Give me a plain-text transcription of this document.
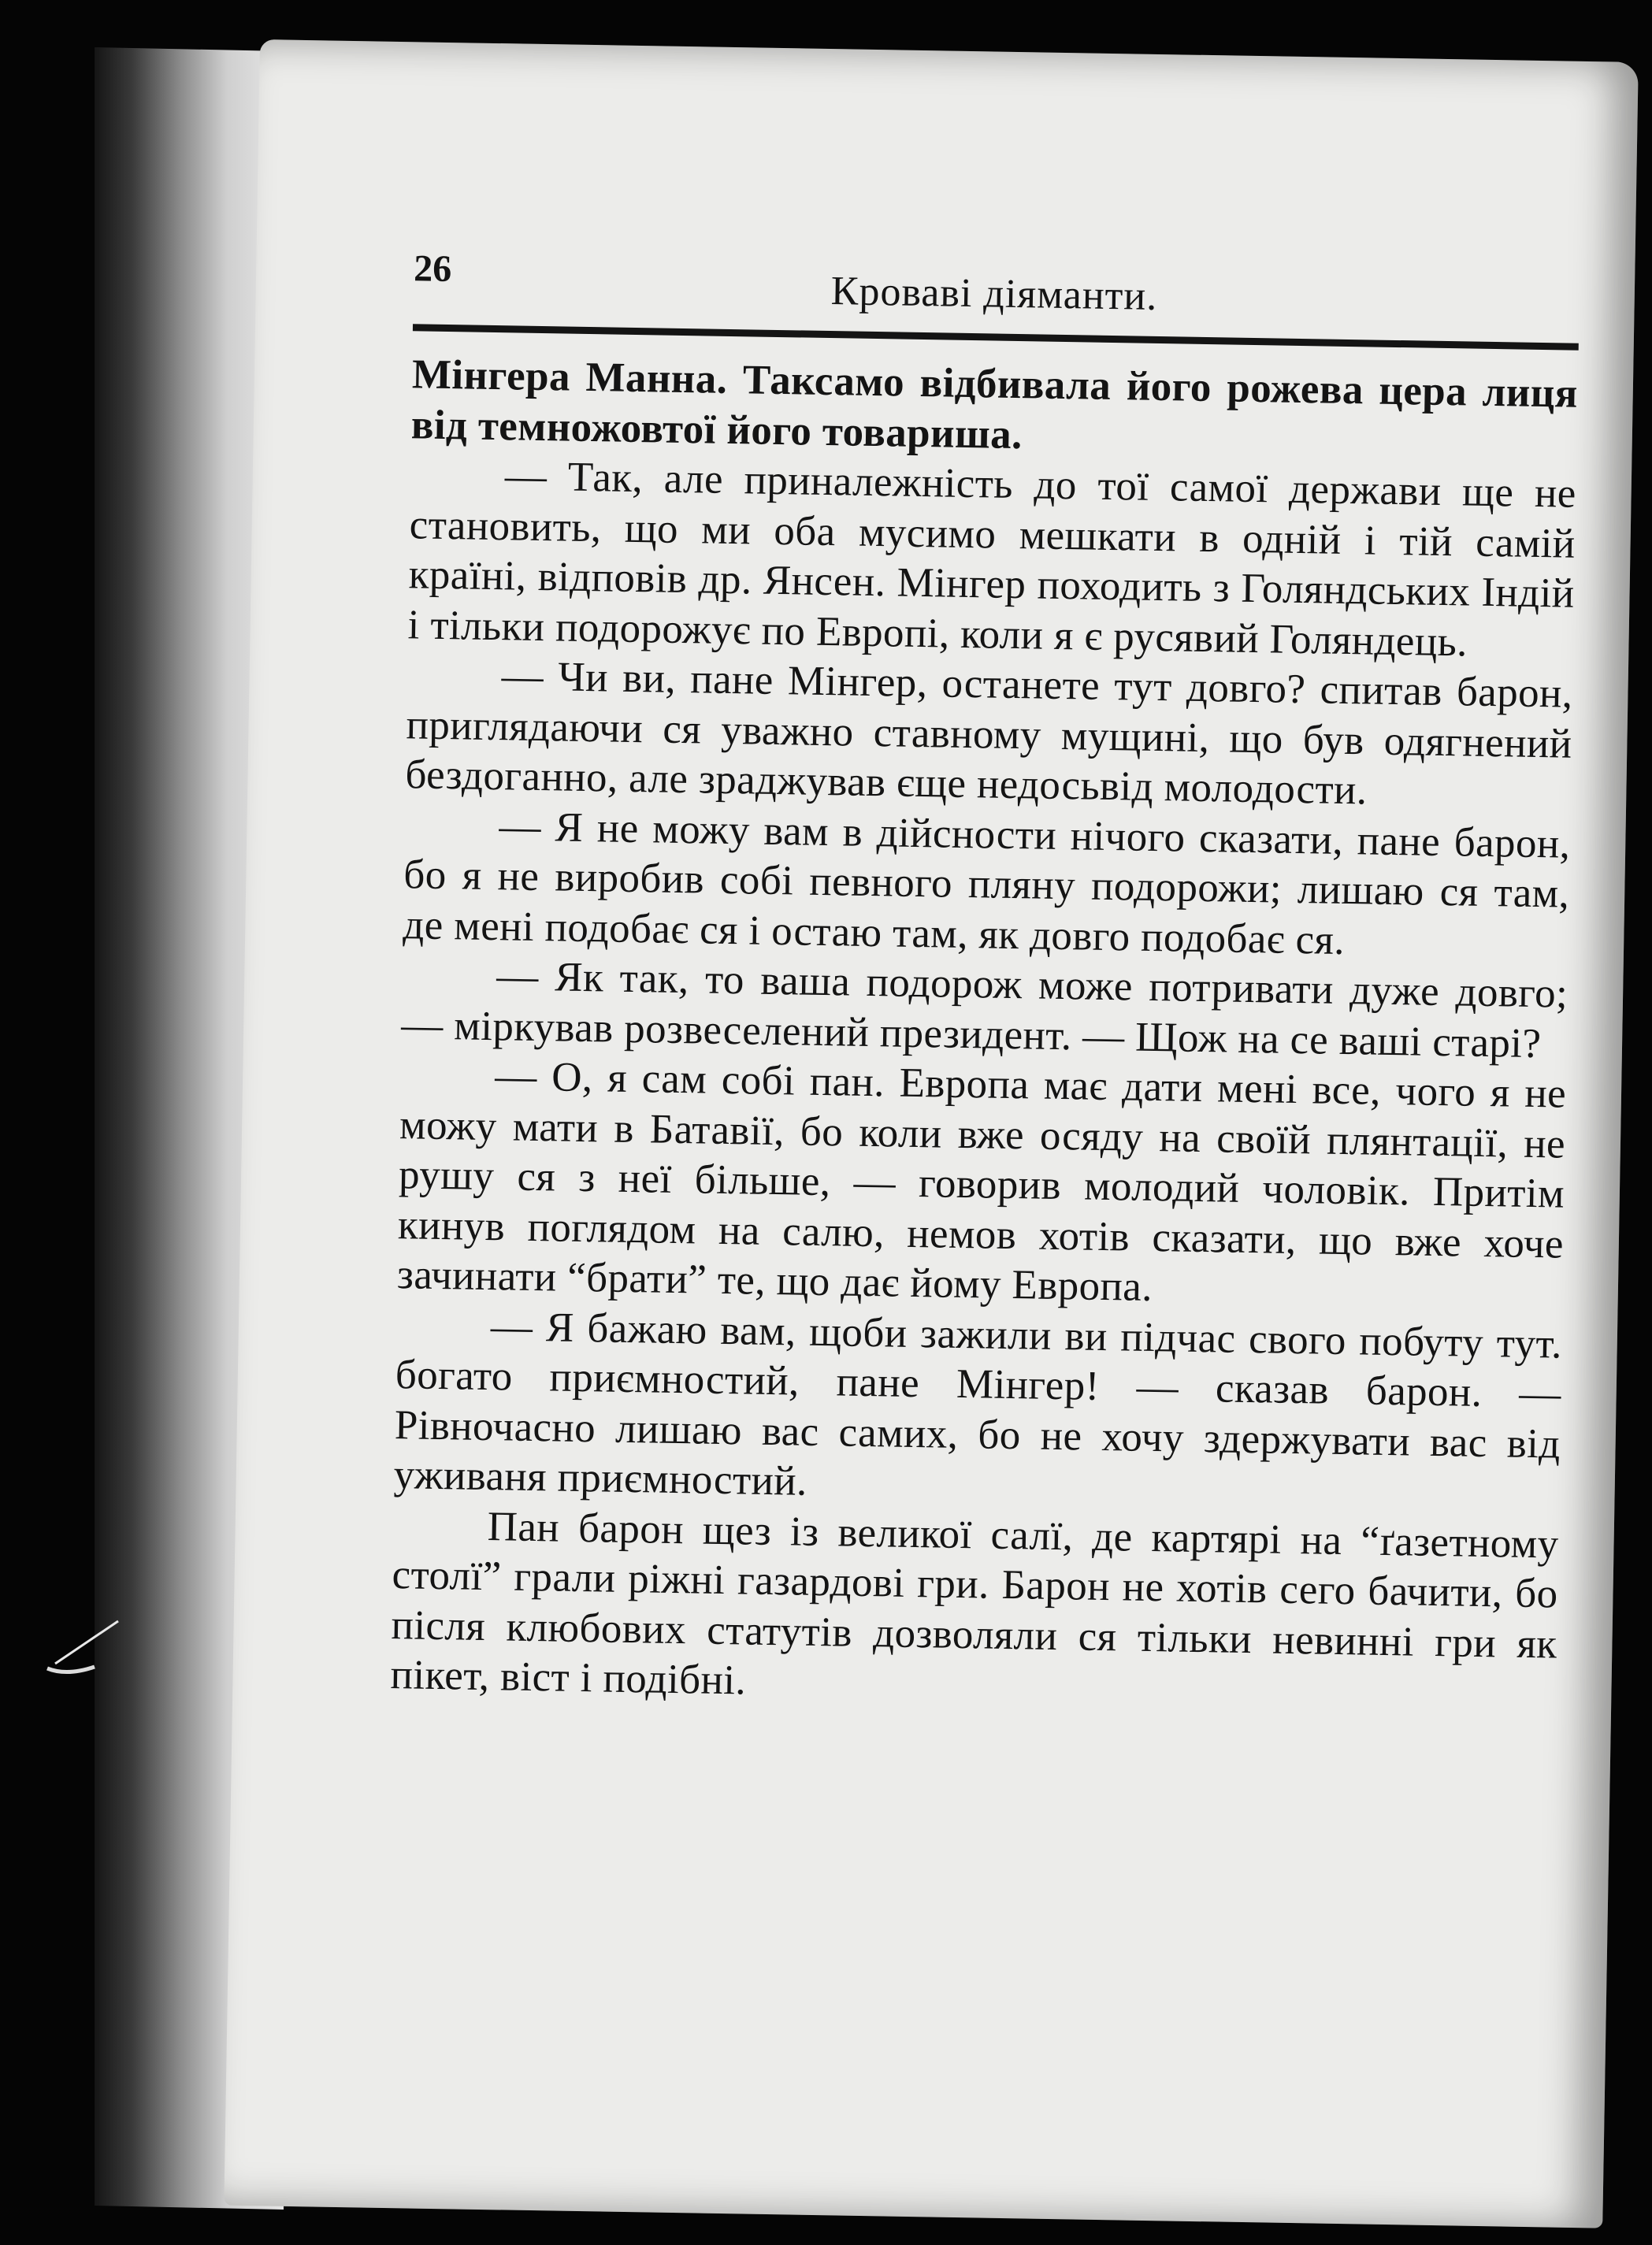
26	Кроваві діяманти.

Мінгера Манна. Таксамо відбивала його рожева цера лиця від темножовтої його товариша.

— Так, але приналежність до тої самої держави ще не становить, що ми оба мусимо мешкати в одній і тій самій країні, відповів др. Янсен. Мінгер походить з Голяндських Індій і тільки подорожує по Европі, коли я є русявий Голяндець.

— Чи ви, пане Мінгер, останете тут довго? спитав барон, приглядаючи ся уважно ставному мущині, що був одягнений бездоганно, але зраджував єще недосьвід молодости.

— Я не можу вам в дійсности нічого сказати, пане барон, бо я не виробив собі певного пляну подорожи; лишаю ся там, де мені подобає ся і остаю там, як довго подобає ся.

— Як так, то ваша подорож може потривати дуже довго; — міркував розвеселений президент. — Щож на се ваші старі?

— О, я сам собі пан. Европа має дати мені все, чого я не можу мати в Батавії, бо коли вже осяду на своїй плянтації, не рушу ся з неї більше, — говорив молодий чоловік. Притім кинув поглядом на салю, немов хотів сказати, що вже хоче зачинати “брати” те, що дає йому Европа.

— Я бажаю вам, щоби зажили ви підчас свого побуту тут. богато приємностий, пане Мінгер! — сказав барон. — Рівночасно лишаю вас самих, бо не хочу здержувати вас від уживаня приємностий.

Пан барон щез із великої салї, де картярі на “ґазетному столї” грали ріжні газардові гри. Барон не хотів сего бачити, бо після клюбових статутів дозволяли ся тільки невинні гри як пікет, віст і подібні.
